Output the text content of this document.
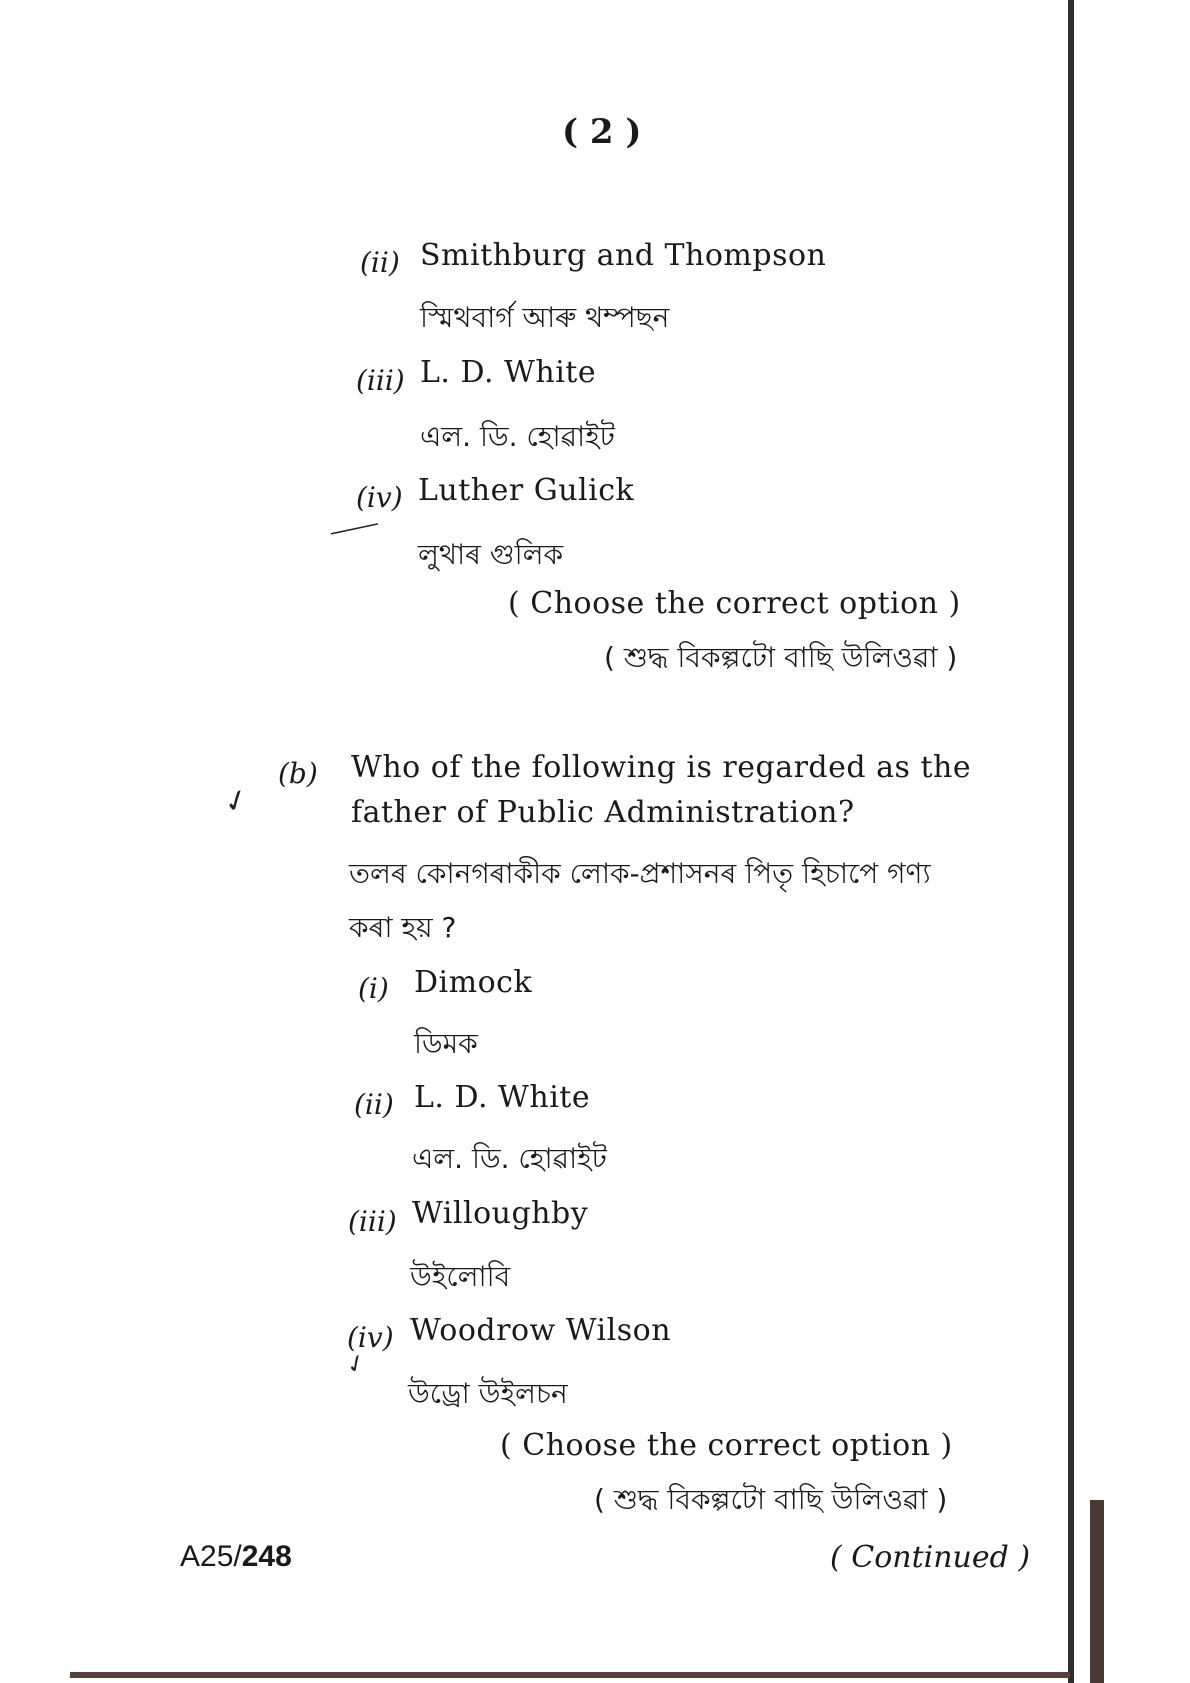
( 2 )
(ii) Smithburg and Thompson
স্মিথবাৰ্গ আৰু থম্পছন
(iii) L. D. White
এল. ডি. হোৱাইট
(iv)
⸺
Luther Gulick
লুথাৰ গুলিক
( Choose the correct option )
( শুদ্ধ বিকল্পটো বাছি উলিওৱা )
✓
(b) Who of the following is regarded as the
father of Public Administration?
তলৰ কোনগৰাকীক লোক-প্ৰশাসনৰ পিতৃ হিচাপে গণ্য
কৰা হয় ?
(i) Dimock
ডিমক
(ii) L. D. White
এল. ডি. হোৱাইট
(iii) Willoughby
উইলোবি
(iv)
✓
Woodrow Wilson
উড্ৰো উইলচন
( Choose the correct option )
( শুদ্ধ বিকল্পটো বাছি উলিওৱা )
A25/248	( Continued )
